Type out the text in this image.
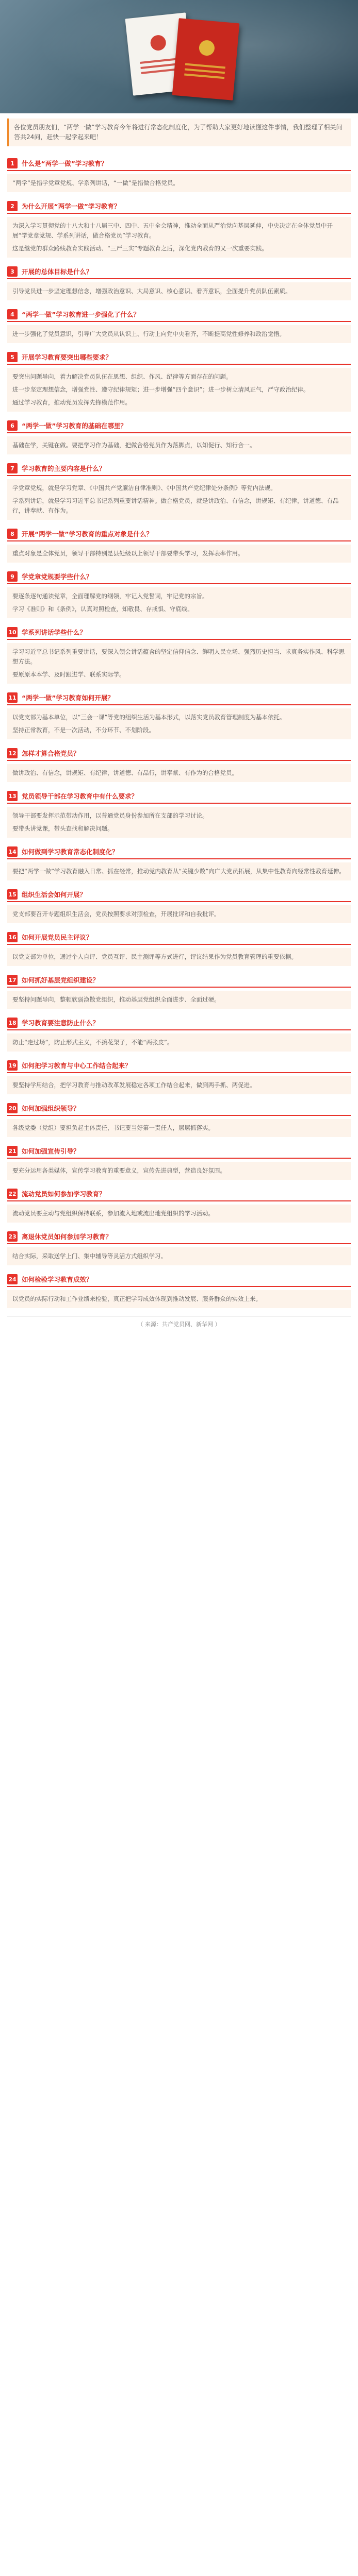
各位党员朋友们，“两学一做”学习教育今年将进行常态化制度化，为了帮助大家更好地读懂这件事情，我们整理了相关问答共24问，赶快一起学起来吧！
1	什么是“两学一做”学习教育？

“两学”是指学党章党规、学系列讲话，“一做”是指做合格党员。

2	为什么开展“两学一做”学习教育？

为深入学习贯彻党的十八大和十八届三中、四中、五中全会精神，推动全面从严治党向基层延伸，中央决定在全体党员中开展“学党章党规、学系列讲话，做合格党员”学习教育。

这是继党的群众路线教育实践活动、“三严三实”专题教育之后，深化党内教育的又一次重要实践。

3	开展的总体目标是什么？

引导党员进一步坚定理想信念，增强政治意识、大局意识、核心意识、看齐意识，全面提升党员队伍素质。

4	“两学一做”学习教育进一步强化了什么？

进一步强化了党员意识，引导广大党员从认识上、行动上向党中央看齐，不断提高党性修养和政治觉悟。

5	开展学习教育要突出哪些要求？

要突出问题导向，着力解决党员队伍在思想、组织、作风、纪律等方面存在的问题。

进一步坚定理想信念，增强党性、遵守纪律规矩；进一步增强“四个意识”；进一步树立清风正气，严守政治纪律。

通过学习教育，推动党员发挥先锋模范作用。

6	“两学一做”学习教育的基础在哪里？

基础在学，关键在做。要把学习作为基础，把做合格党员作为落脚点，以知促行、知行合一。

7	学习教育的主要内容是什么？

学党章党规，就是学习党章、《中国共产党廉洁自律准则》、《中国共产党纪律处分条例》等党内法规。

学系列讲话，就是学习习近平总书记系列重要讲话精神。做合格党员，就是讲政治、有信念，讲规矩、有纪律，讲道德、有品行，讲奉献、有作为。

8	开展“两学一做”学习教育的重点对象是什么？

重点对象是全体党员，领导干部特别是县处级以上领导干部要带头学习，发挥表率作用。

9	学党章党规要学些什么？

要逐条逐句通读党章，全面理解党的纲领，牢记入党誓词，牢记党的宗旨。

学习《准则》和《条例》，认真对照检查，知敬畏、存戒惧、守底线。

10 学系列讲话学些什么？

学习习近平总书记系列重要讲话，要深入领会讲话蕴含的坚定信仰信念、鲜明人民立场、强烈历史担当、求真务实作风、科学思想方法。

要原原本本学、及时跟进学、联系实际学。

11 “两学一做”学习教育如何开展？

以党支部为基本单位，以“三会一课”等党的组织生活为基本形式，以落实党员教育管理制度为基本依托。

坚持正常教育，不是一次活动，不分环节、不划阶段。

12 怎样才算合格党员？

做讲政治、有信念，讲规矩、有纪律，讲道德、有品行，讲奉献、有作为的合格党员。

13 党员领导干部在学习教育中有什么要求？

领导干部要发挥示范带动作用，以普通党员身份参加所在支部的学习讨论。

要带头讲党课，带头查找和解决问题。

14 如何做到学习教育常态化制度化？

要把“两学一做”学习教育融入日常、抓在经常，推动党内教育从“关键少数”向广大党员拓展，从集中性教育向经常性教育延伸。

15 组织生活会如何开展？

党支部要召开专题组织生活会，党员按照要求对照检查，开展批评和自我批评。

16 如何开展党员民主评议？

以党支部为单位，通过个人自评、党员互评、民主测评等方式进行，评议结果作为党员教育管理的重要依据。

17 如何抓好基层党组织建设？

要坚持问题导向，整顿软弱涣散党组织，推动基层党组织全面进步、全面过硬。

18 学习教育要注意防止什么？

防止“走过场”，防止形式主义，不搞花架子，不能“两张皮”。

19 如何把学习教育与中心工作结合起来？

要坚持学用结合，把学习教育与推动改革发展稳定各项工作结合起来，做到两手抓、两促进。

20 如何加强组织领导？

各级党委（党组）要担负起主体责任，书记要当好第一责任人，层层抓落实。

21 如何加强宣传引导？

要充分运用各类媒体，宣传学习教育的重要意义，宣传先进典型，营造良好氛围。

22 流动党员如何参加学习教育？

流动党员要主动与党组织保持联系，参加流入地或流出地党组织的学习活动。

23 离退休党员如何参加学习教育？

结合实际，采取送学上门、集中辅导等灵活方式组织学习。

24 如何检验学习教育成效？

以党员的实际行动和工作业绩来检验，真正把学习成效体现到推动发展、服务群众的实效上来。

（ 来源：共产党员网、新华网 ）
